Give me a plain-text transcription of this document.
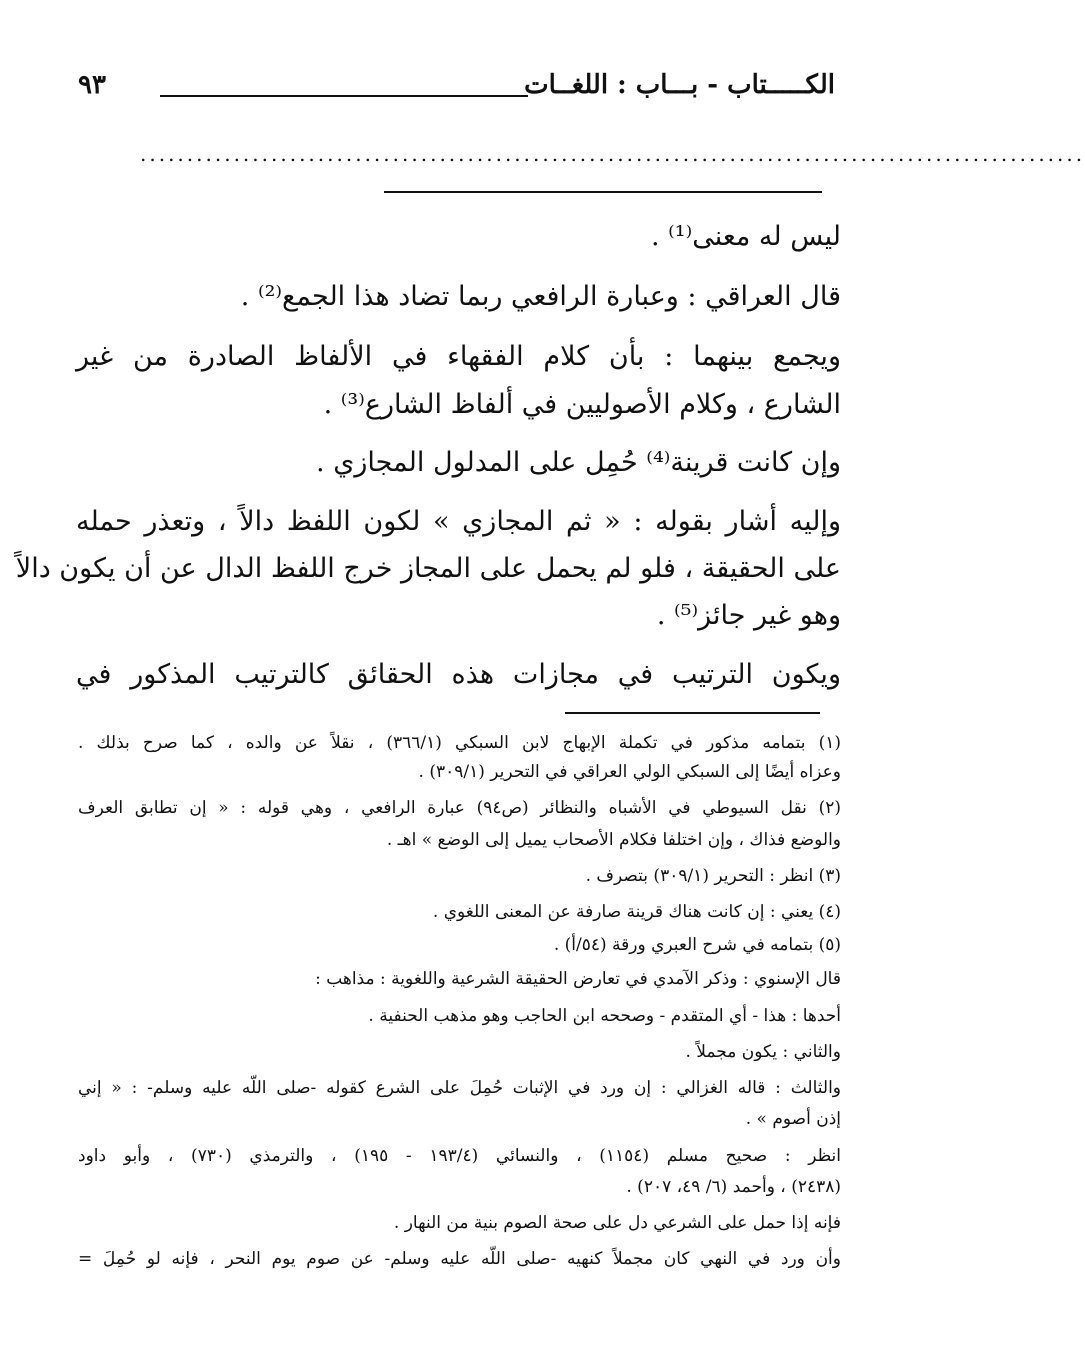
الكـــــتاب - بـــاب : اللغــات
٩٣
.....................................................................................................
ليس له معنى⁽¹⁾ .
قال العراقي : وعبارة الرافعي ربما تضاد هذا الجمع⁽²⁾ .
ويجمع بينهما : بأن كلام الفقهاء في الألفاظ الصادرة من غير
الشارع ، وكلام الأصوليين في ألفاظ الشارع⁽³⁾ .
وإن كانت قرينة⁽⁴⁾ حُمِل على المدلول المجازي .
وإليه أشار بقوله : « ثم المجازي » لكون اللفظ دالاً ، وتعذر حمله
على الحقيقة ، فلو لم يحمل على المجاز خرج اللفظ الدال عن أن يكون دالاً
وهو غير جائز⁽⁵⁾ .
ويكون الترتيب في مجازات هذه الحقائق كالترتيب المذكور في
(١) بتمامه مذكور في تكملة الإبهاج لابن السبكي (٣٦٦/١) ، نقلاً عن والده ، كما صرح بذلك .
وعزاه أيضًا إلى السبكي الولي العراقي في التحرير (٣٠٩/١) .
(٢) نقل السيوطي في الأشباه والنظائر (ص٩٤) عبارة الرافعي ، وهي قوله : « إن تطابق العرف
والوضع فذاك ، وإن اختلفا فكلام الأصحاب يميل إلى الوضع » اهـ .
(٣) انظر : التحرير (٣٠٩/١) بتصرف .
(٤) يعني : إن كانت هناك قرينة صارفة عن المعنى اللغوي .
(٥) بتمامه في شرح العبري ورقة (٥٤/أ) .
قال الإسنوي : وذكر الآمدي في تعارض الحقيقة الشرعية واللغوية : مذاهب :
أحدها : هذا - أي المتقدم - وصححه ابن الحاجب وهو مذهب الحنفية .
والثاني : يكون مجملاً .
والثالث : قاله الغزالي : إن ورد في الإثبات حُمِلَ على الشرع كقوله -صلى اللّه عليه وسلم- : « إني
إذن أصوم » .
انظر : صحيح مسلم (١١٥٤) ، والنسائي (١٩٣/٤ - ١٩٥) ، والترمذي (٧٣٠) ، وأبو داود
(٢٤٣٨) ، وأحمد (٦/ ٤٩، ٢٠٧) .
فإنه إذا حمل على الشرعي دل على صحة الصوم بنية من النهار .
وأن ورد في النهي كان مجملاً كنهيه -صلى اللّه عليه وسلم- عن صوم يوم النحر ، فإنه لو حُمِلَ =
